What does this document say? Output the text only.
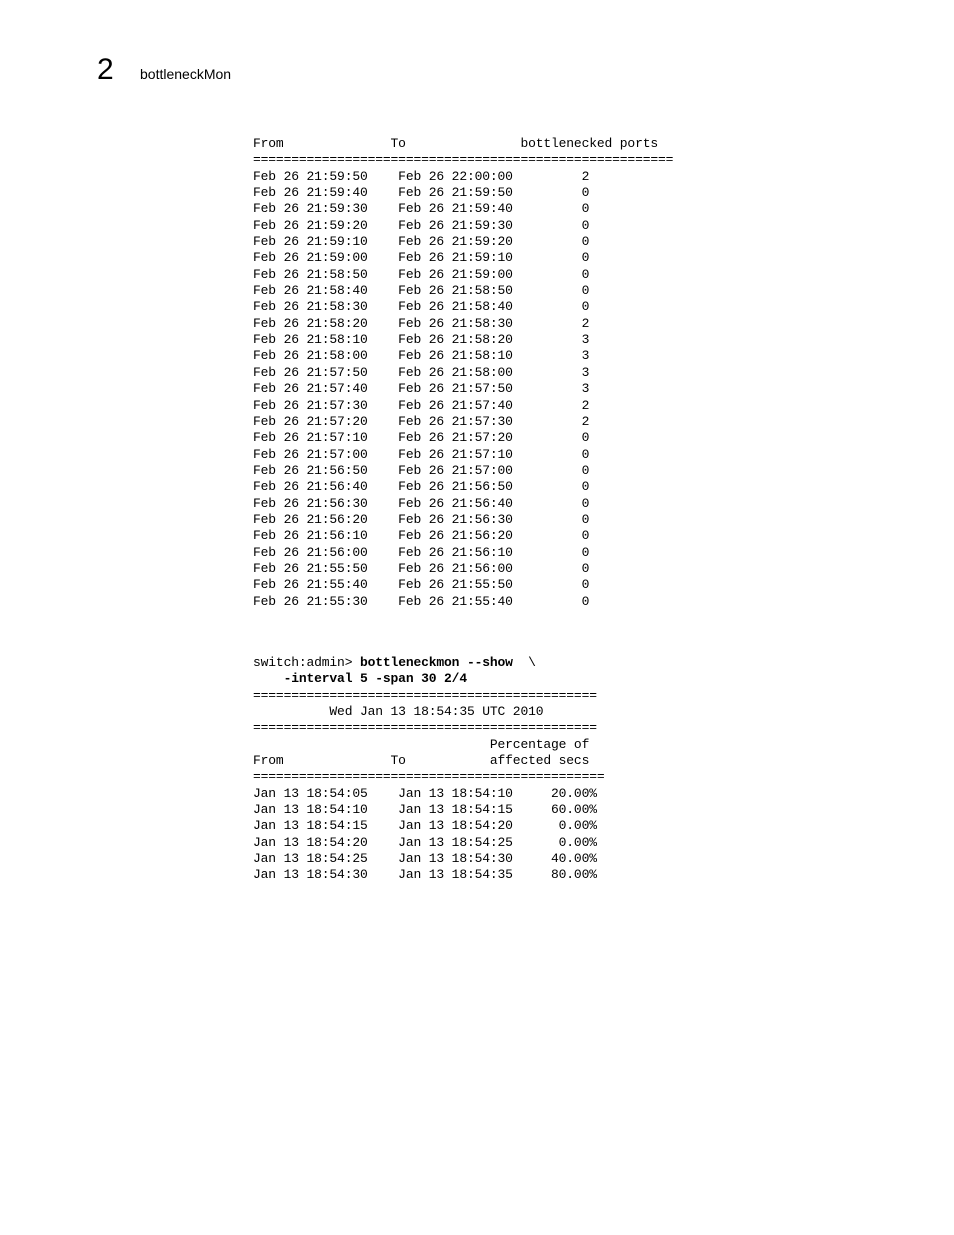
2 bottleneckMon
From              To               bottlenecked ports
=======================================================
Feb 26 21:59:50    Feb 26 22:00:00         2
Feb 26 21:59:40    Feb 26 21:59:50         0
Feb 26 21:59:30    Feb 26 21:59:40         0
Feb 26 21:59:20    Feb 26 21:59:30         0
Feb 26 21:59:10    Feb 26 21:59:20         0
Feb 26 21:59:00    Feb 26 21:59:10         0
Feb 26 21:58:50    Feb 26 21:59:00         0
Feb 26 21:58:40    Feb 26 21:58:50         0
Feb 26 21:58:30    Feb 26 21:58:40         0
Feb 26 21:58:20    Feb 26 21:58:30         2
Feb 26 21:58:10    Feb 26 21:58:20         3
Feb 26 21:58:00    Feb 26 21:58:10         3
Feb 26 21:57:50    Feb 26 21:58:00         3
Feb 26 21:57:40    Feb 26 21:57:50         3
Feb 26 21:57:30    Feb 26 21:57:40         2
Feb 26 21:57:20    Feb 26 21:57:30         2
Feb 26 21:57:10    Feb 26 21:57:20         0
Feb 26 21:57:00    Feb 26 21:57:10         0
Feb 26 21:56:50    Feb 26 21:57:00         0
Feb 26 21:56:40    Feb 26 21:56:50         0
Feb 26 21:56:30    Feb 26 21:56:40         0
Feb 26 21:56:20    Feb 26 21:56:30         0
Feb 26 21:56:10    Feb 26 21:56:20         0
Feb 26 21:56:00    Feb 26 21:56:10         0
Feb 26 21:55:50    Feb 26 21:56:00         0
Feb 26 21:55:40    Feb 26 21:55:50         0
Feb 26 21:55:30    Feb 26 21:55:40         0
switch:admin> bottleneckmon --show  \
-interval 5 -span 30 2/4
=============================================
Wed Jan 13 18:54:35 UTC 2010
=============================================
Percentage of
From              To           affected secs
==============================================
Jan 13 18:54:05    Jan 13 18:54:10     20.00%
Jan 13 18:54:10    Jan 13 18:54:15     60.00%
Jan 13 18:54:15    Jan 13 18:54:20      0.00%
Jan 13 18:54:20    Jan 13 18:54:25      0.00%
Jan 13 18:54:25    Jan 13 18:54:30     40.00%
Jan 13 18:54:30    Jan 13 18:54:35     80.00%
